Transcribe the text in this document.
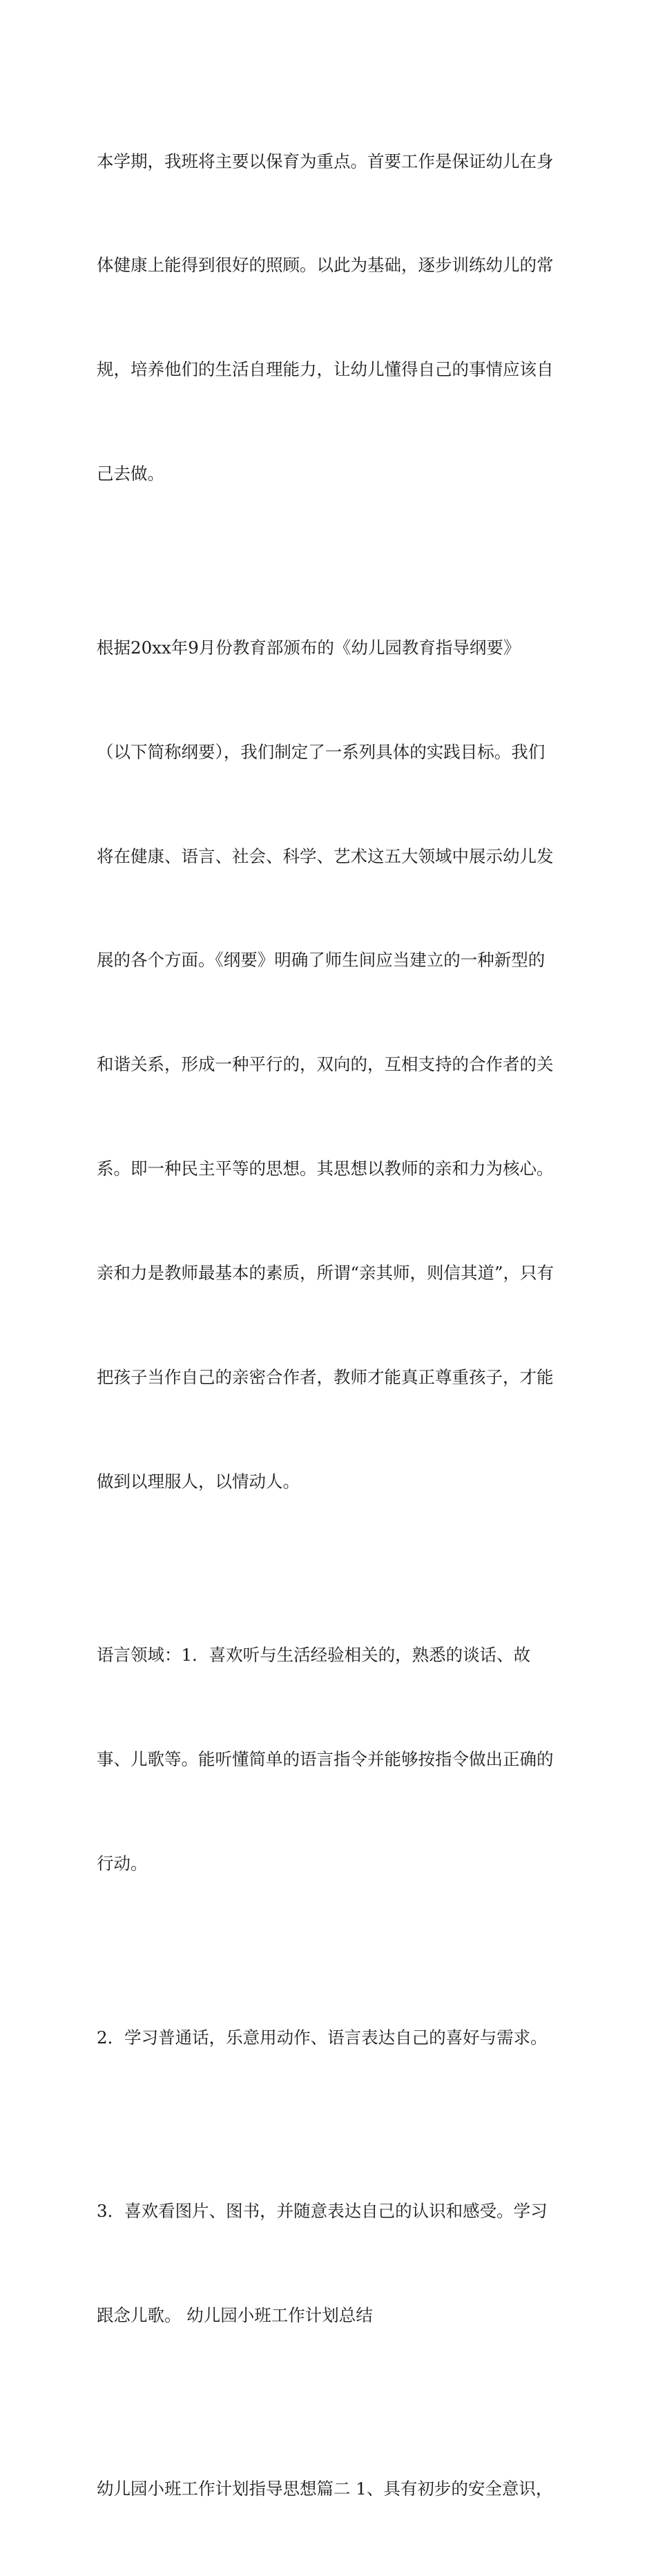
本学期，我班将主要以保育为重点。首要工作是保证幼儿在身

体健康上能得到很好的照顾。以此为基础，逐步训练幼儿的常

规，培养他们的生活自理能力，让幼儿懂得自己的事情应该自

己去做。

根据20xx年9月份教育部颁布的《幼儿园教育指导纲要》

（以下简称纲要），我们制定了一系列具体的实践目标。我们

将在健康、语言、社会、科学、艺术这五大领域中展示幼儿发

展的各个方面。《纲要》明确了师生间应当建立的一种新型的

和谐关系，形成一种平行的，双向的，互相支持的合作者的关

系。即一种民主平等的思想。其思想以教师的亲和力为核心。

亲和力是教师最基本的素质，所谓“亲其师，则信其道”，只有

把孩子当作自己的亲密合作者，教师才能真正尊重孩子，才能

做到以理服人，以情动人。

语言领域：1．喜欢听与生活经验相关的，熟悉的谈话、故

事、儿歌等。能听懂简单的语言指令并能够按指令做出正确的

行动。

2．学习普通话，乐意用动作、语言表达自己的喜好与需求。

3．喜欢看图片、图书，并随意表达自己的认识和感受。学习

跟念儿歌。 幼儿园小班工作计划总结

幼儿园小班工作计划指导思想篇二 1、具有初步的安全意识，
